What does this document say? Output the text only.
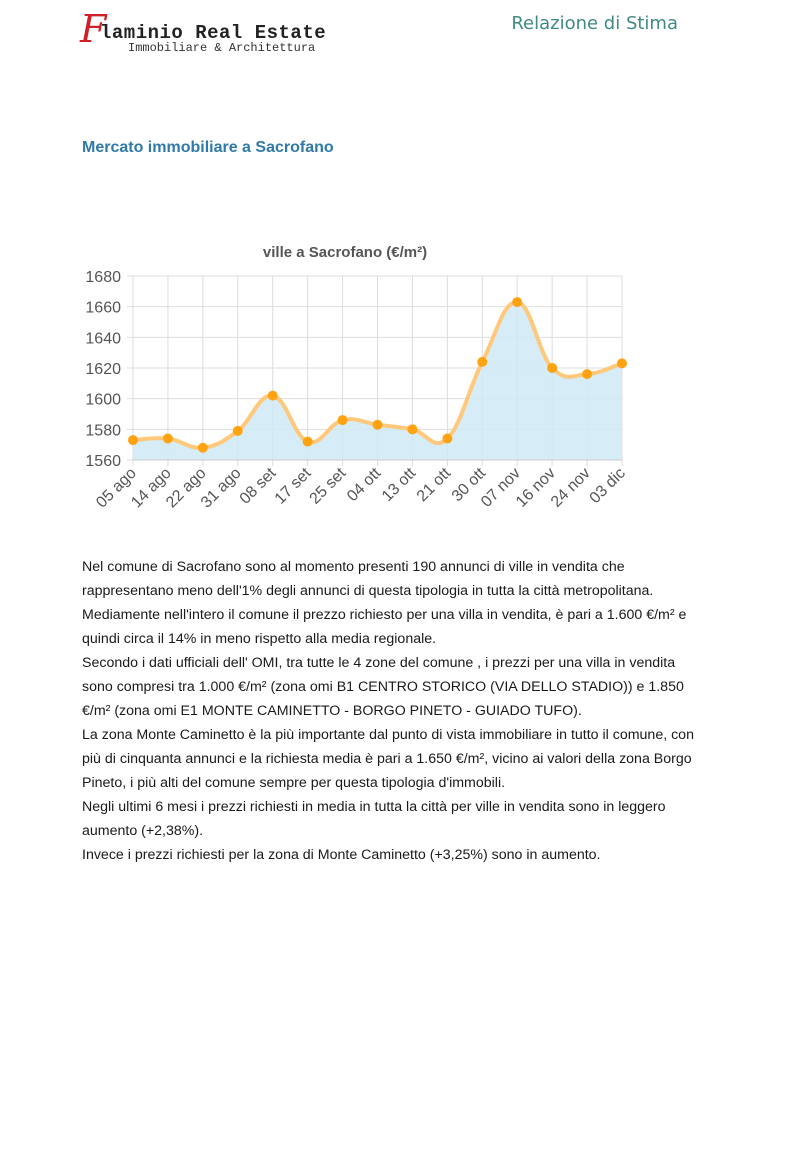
F
laminio Real Estate
Immobiliare & Architettura
Relazione di Stima
Mercato immobiliare a Sacrofano
ville a Sacrofano (€/m²)
1560
1580
1600
1620
1640
1660
1680
05 ago
14 ago
22 ago
31 ago
08 set
17 set
25 set
04 ott
13 ott
21 ott
30 ott
07 nov
16 nov
24 nov
03 dic

Nel comune di Sacrofano sono al momento presenti 190 annunci di ville in vendita che rappresentano meno dell'1% degli annunci di questa tipologia in tutta la città metropolitana. Mediamente nell'intero il comune il prezzo richiesto per una villa in vendita, è pari a 1.600 €/m² e quindi circa il 14% in meno rispetto alla media regionale.

Secondo i dati ufficiali dell' OMI, tra tutte le 4 zone del comune , i prezzi per una villa in vendita sono compresi tra 1.000 €/m² (zona omi B1 CENTRO STORICO (VIA DELLO STADIO)) e 1.850 €/m² (zona omi E1 MONTE CAMINETTO - BORGO PINETO - GUIADO TUFO).

La zona Monte Caminetto è la più importante dal punto di vista immobiliare in tutto il comune, con più di cinquanta annunci e la richiesta media è pari a 1.650 €/m², vicino ai valori della zona Borgo Pineto, i più alti del comune sempre per questa tipologia d'immobili.

Negli ultimi 6 mesi i prezzi richiesti in media in tutta la città per ville in vendita sono in leggero aumento (+2,38%).

Invece i prezzi richiesti per la zona di Monte Caminetto (+3,25%) sono in aumento.
